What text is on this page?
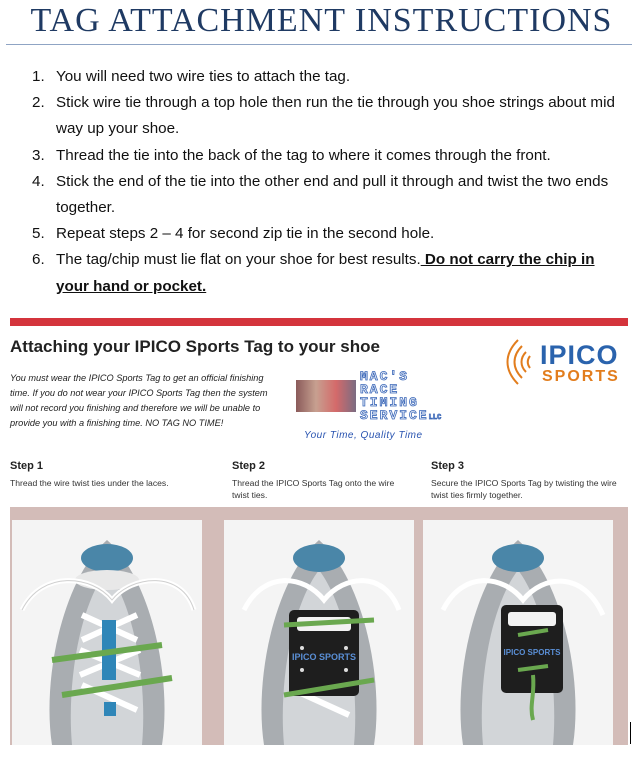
TAG ATTACHMENT INSTRUCTIONS
1. You will need two wire ties to attach the tag.
2. Stick wire tie through a top hole then run the tie through you shoe strings about mid way up your shoe.
3. Thread the tie into the back of the tag to where it comes through the front.
4. Stick the end of the tie into the other end and pull it through and twist the two ends together.
5. Repeat steps 2 – 4 for second zip tie in the second hole.
6. The tag/chip must lie flat on your shoe for best results. Do not carry the chip in your hand or pocket.
Attaching your IPICO Sports Tag to your shoe
You must wear the IPICO Sports Tag to get an official finishing time. If you do not wear your IPICO Sports Tag then the system will not record you finishing and therefore we will be unable to provide you with a finishing time. NO TAG NO TIME!
IPICO
SPORTS
MAC'S
RACE
TIMING
SERVICELLC
Your Time, Quality Time
Step 1
Thread the wire twist ties under the laces.
Step 2
Thread the IPICO Sports Tag onto the wire twist ties.
Step 3
Secure the IPICO Sports Tag by twisting the wire twist ties firmly together.
IPICO SPORTS	IPICO SPORTS
